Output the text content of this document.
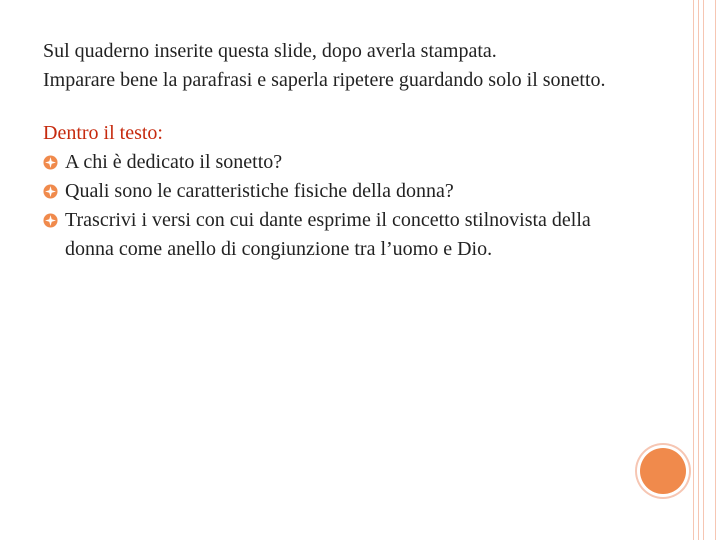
Sul quaderno inserite questa slide, dopo averla stampata.

Imparare bene la parafrasi e saperla ripetere guardando solo il sonetto.

Dentro il testo:

A chi è dedicato il sonetto?
Quali sono le caratteristiche fisiche della donna?
Trascrivi i versi con cui dante esprime il concetto stilnovista della donna come anello di congiunzione tra l’uomo e Dio.
